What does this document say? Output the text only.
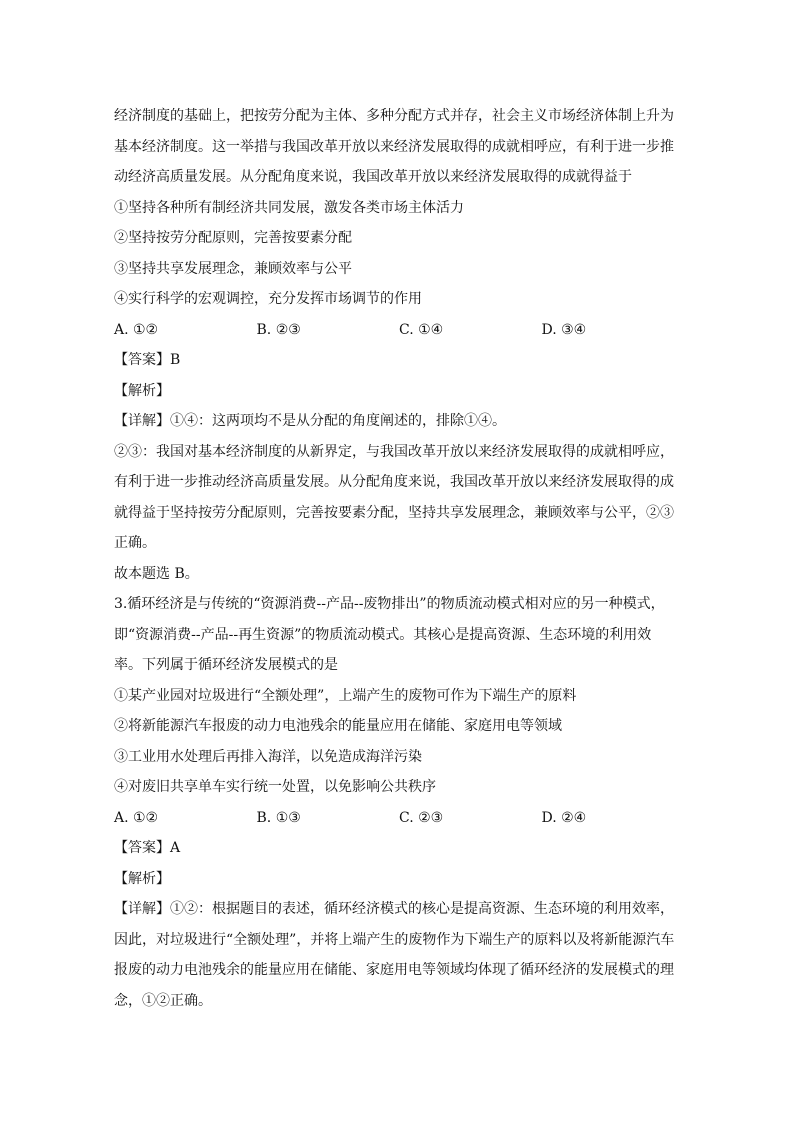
经济制度的基础上，把按劳分配为主体、多种分配方式并存，社会主义市场经济体制上升为
基本经济制度。这一举措与我国改革开放以来经济发展取得的成就相呼应，有利于进一步推
动经济高质量发展。从分配角度来说，我国改革开放以来经济发展取得的成就得益于
①坚持各种所有制经济共同发展，激发各类市场主体活力
②坚持按劳分配原则，完善按要素分配
③坚持共享发展理念，兼顾效率与公平
④实行科学的宏观调控，充分发挥市场调节的作用
A. ①②	B. ②③	C. ①④	D. ③④
【答案】B
【解析】
【详解】①④：这两项均不是从分配的角度阐述的，排除①④。
②③：我国对基本经济制度的从新界定，与我国改革开放以来经济发展取得的成就相呼应，
有利于进一步推动经济高质量发展。从分配角度来说，我国改革开放以来经济发展取得的成
就得益于坚持按劳分配原则，完善按要素分配，坚持共享发展理念，兼顾效率与公平，②③
正确。
故本题选 B。
3.循环经济是与传统的“资源消费--产品--废物排出”的物质流动模式相对应的另一种模式，
即“资源消费--产品--再生资源”的物质流动模式。其核心是提高资源、生态环境的利用效
率。下列属于循环经济发展模式的是
①某产业园对垃圾进行“全额处理”，上端产生的废物可作为下端生产的原料
②将新能源汽车报废的动力电池残余的能量应用在储能、家庭用电等领域
③工业用水处理后再排入海洋，以免造成海洋污染
④对废旧共享单车实行统一处置，以免影响公共秩序
A. ①②	B. ①③	C. ②③	D. ②④
【答案】A
【解析】
【详解】①②：根据题目的表述，循环经济模式的核心是提高资源、生态环境的利用效率，
因此，对垃圾进行“全额处理”，并将上端产生的废物作为下端生产的原料以及将新能源汽车
报废的动力电池残余的能量应用在储能、家庭用电等领域均体现了循环经济的发展模式的理
念，①②正确。
